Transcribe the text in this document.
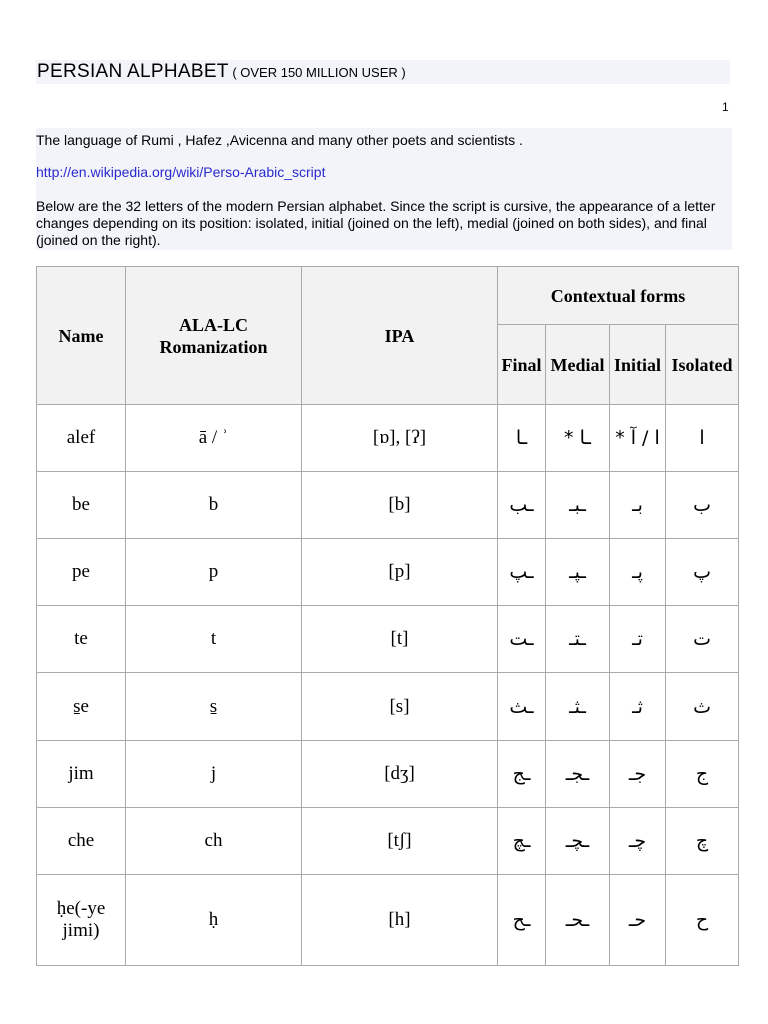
PERSIAN ALPHABET ( OVER 150 MILLION USER )
1
The language of Rumi , Hafez ,Avicenna and many other poets and scientists .
http://en.wikipedia.org/wiki/Perso-Arabic_script
Below are the 32 letters of the modern Persian alphabet. Since the script is cursive, the appearance of a letter changes depending on its position: isolated, initial (joined on the left), medial (joined on both sides), and final (joined on the right).
Name	ALA-LC Romanization	IPA	Contextual forms			
			Final	Medial	Initial	Isolated
alef	ā / ʾ	[ɒ], [ʔ]	ـا	ـا *	ا / آ *	ا
be	b	[b]	ـب	ـبـ	بـ	ب
pe	p	[p]	ـپ	ـپـ	پـ	پ
te	t	[t]	ـت	ـتـ	تـ	ت
s̱e	s̱	[s]	ـث	ـثـ	ثـ	ث
jim	j	[dʒ]	ـج	ـجـ	جـ	ج
che	ch	[tʃ]	ـچ	ـچـ	چـ	چ
ḥe(-ye jimi)	ḥ	[h]	ـح	ـحـ	حـ	ح
